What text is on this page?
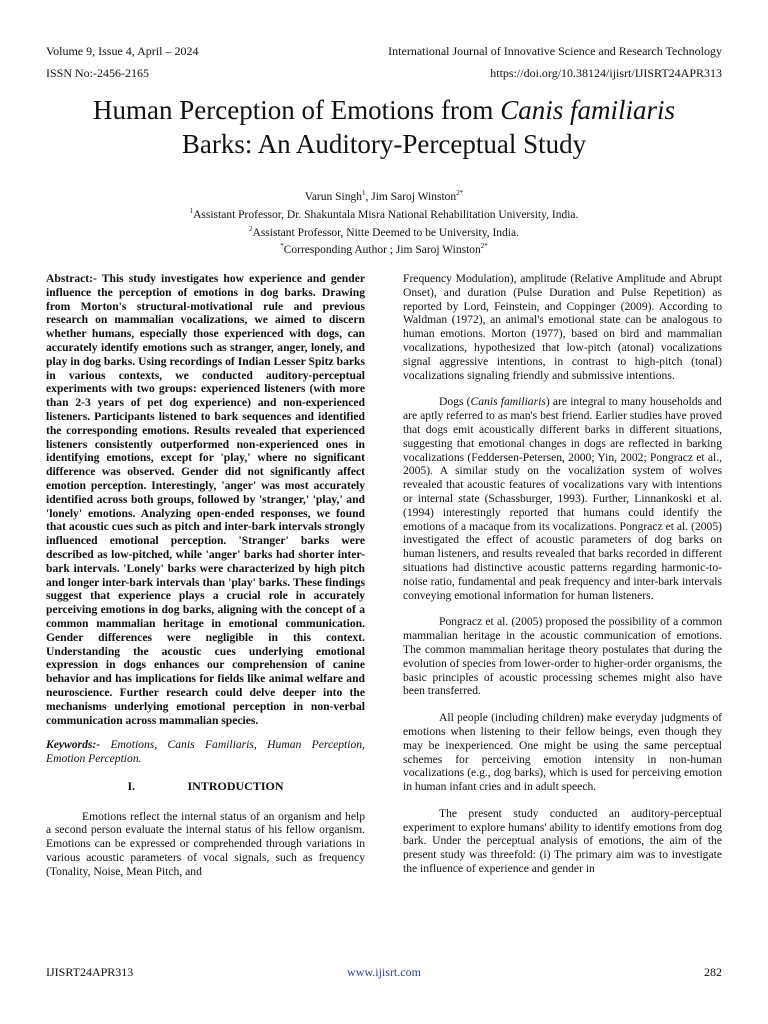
Volume 9, Issue 4, April – 2024	International Journal of Innovative Science and Research Technology
ISSN No:-2456-2165	https://doi.org/10.38124/ijisrt/IJISRT24APR313
Human Perception of Emotions from Canis familiaris
Barks: An Auditory-Perceptual Study
Varun Singh$^1$, Jim Saroj Winston$^{2*}$
$^1$Assistant Professor, Dr. Shakuntala Misra National Rehabilitation University, India.
$^2$Assistant Professor, Nitte Deemed to be University, India.
*Corresponding Author ; Jim Saroj Winston$^{2*}$

Abstract:- This study investigates how experience and gender influence the perception of emotions in dog barks. Drawing from Morton's structural-motivational rule and previous research on mammalian vocalizations, we aimed to discern whether humans, especially those experienced with dogs, can accurately identify emotions such as stranger, anger, lonely, and play in dog barks. Using recordings of Indian Lesser Spitz barks in various contexts, we conducted auditory-perceptual experiments with two groups: experienced listeners (with more than 2-3 years of pet dog experience) and non-experienced listeners. Participants listened to bark sequences and identified the corresponding emotions. Results revealed that experienced listeners consistently outperformed non-experienced ones in identifying emotions, except for 'play,' where no significant difference was observed. Gender did not significantly affect emotion perception. Interestingly, 'anger' was most accurately identified across both groups, followed by 'stranger,' 'play,' and 'lonely' emotions. Analyzing open-ended responses, we found that acoustic cues such as pitch and inter-bark intervals strongly influenced emotional perception. 'Stranger' barks were described as low-pitched, while 'anger' barks had shorter inter-bark intervals. 'Lonely' barks were characterized by high pitch and longer inter-bark intervals than 'play' barks. These findings suggest that experience plays a crucial role in accurately perceiving emotions in dog barks, aligning with the concept of a common mammalian heritage in emotional communication. Gender differences were negligible in this context. Understanding the acoustic cues underlying emotional expression in dogs enhances our comprehension of canine behavior and has implications for fields like animal welfare and neuroscience. Further research could delve deeper into the mechanisms underlying emotional perception in non-verbal communication across mammalian species.

Keywords:- Emotions, Canis Familiaris, Human Perception, Emotion Perception.

I.	INTRODUCTION

Emotions reflect the internal status of an organism and help a second person evaluate the internal status of his fellow organism. Emotions can be expressed or comprehended through variations in various acoustic parameters of vocal signals, such as frequency (Tonality, Noise, Mean Pitch, and

Frequency Modulation), amplitude (Relative Amplitude and Abrupt Onset), and duration (Pulse Duration and Pulse Repetition) as reported by Lord, Feinstein, and Coppinger (2009). According to Waldman (1972), an animal's emotional state can be analogous to human emotions. Morton (1977), based on bird and mammalian vocalizations, hypothesized that low-pitch (atonal) vocalizations signal aggressive intentions, in contrast to high-pitch (tonal) vocalizations signaling friendly and submissive intentions.

Dogs (Canis familiaris) are integral to many households and are aptly referred to as man's best friend. Earlier studies have proved that dogs emit acoustically different barks in different situations, suggesting that emotional changes in dogs are reflected in barking vocalizations (Feddersen-Petersen, 2000; Yin, 2002; Pongracz et al., 2005). A similar study on the vocalization system of wolves revealed that acoustic features of vocalizations vary with intentions or internal state (Schassburger, 1993). Further, Linnankoski et al. (1994) interestingly reported that humans could identify the emotions of a macaque from its vocalizations. Pongracz et al. (2005) investigated the effect of acoustic parameters of dog barks on human listeners, and results revealed that barks recorded in different situations had distinctive acoustic patterns regarding harmonic-to-noise ratio, fundamental and peak frequency and inter-bark intervals conveying emotional information for human listeners.

Pongracz et al. (2005) proposed the possibility of a common mammalian heritage in the acoustic communication of emotions. The common mammalian heritage theory postulates that during the evolution of species from lower-order to higher-order organisms, the basic principles of acoustic processing schemes might also have been transferred.

All people (including children) make everyday judgments of emotions when listening to their fellow beings, even though they may be inexperienced. One might be using the same perceptual schemes for perceiving emotion intensity in non-human vocalizations (e.g., dog barks), which is used for perceiving emotion in human infant cries and in adult speech.

The present study conducted an auditory-perceptual experiment to explore humans' ability to identify emotions from dog bark. Under the perceptual analysis of emotions, the aim of the present study was threefold: (i) The primary aim was to investigate the influence of experience and gender in

IJISRT24APR313	www.ijisrt.com	282
